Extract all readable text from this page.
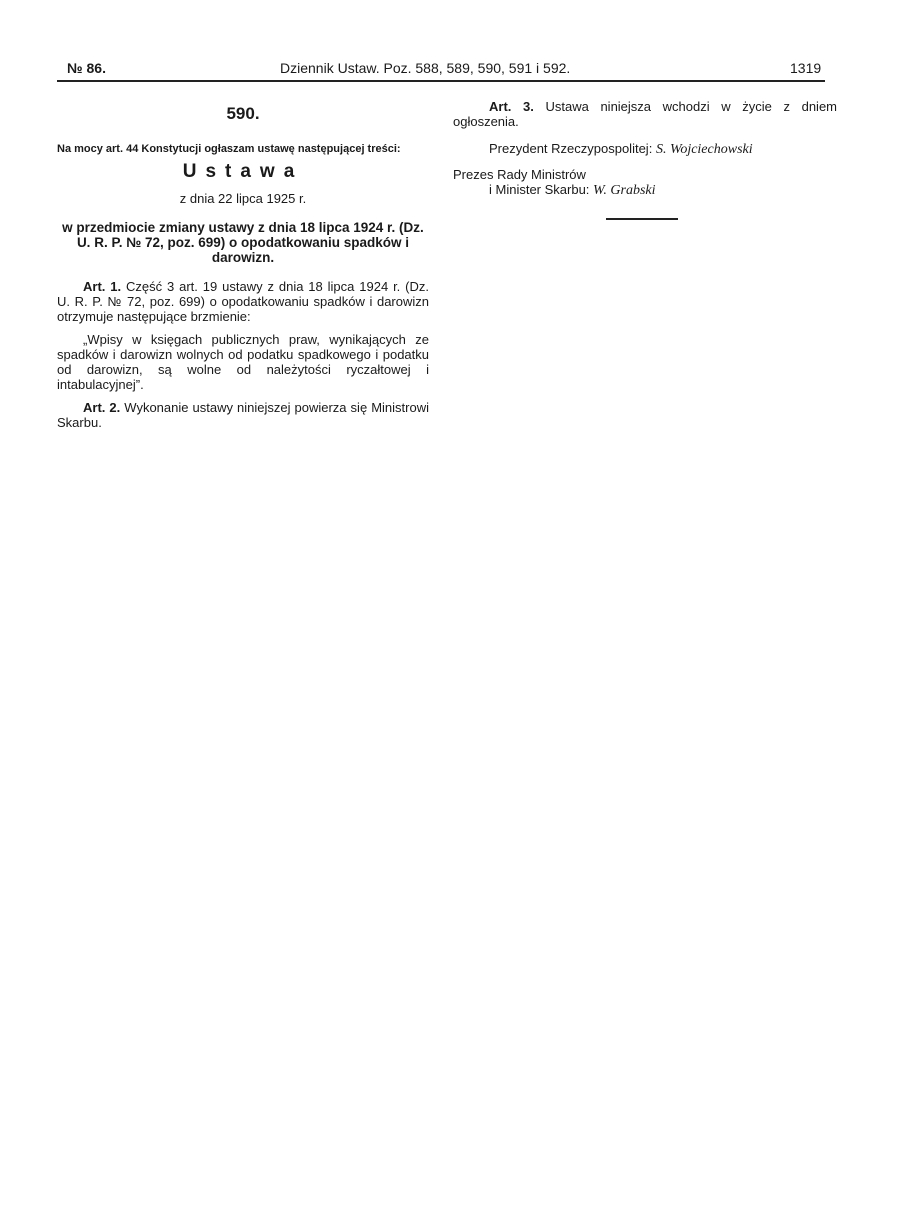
№ 86.	Dziennik Ustaw. Poz. 588, 589, 590, 591 i 592.	1319

590.

Na mocy art. 44 Konstytucji ogłaszam ustawę następującej treści:

Ustawa

z dnia 22 lipca 1925 r.

w przedmiocie zmiany ustawy z dnia 18 lipca 1924 r. (Dz. U. R. P. № 72, poz. 699) o opodatkowaniu spadków i darowizn.

Art. 1. Część 3 art. 19 ustawy z dnia 18 lipca 1924 r. (Dz. U. R. P. № 72, poz. 699) o opodatkowaniu spadków i darowizn otrzymuje następujące brzmienie:

„Wpisy w księgach publicznych praw, wynikających ze spadków i darowizn wolnych od podatku spadkowego i podatku od darowizn, są wolne od należytości ryczałtowej i intabulacyjnej”.

Art. 2. Wykonanie ustawy niniejszej powierza się Ministrowi Skarbu.

Art. 3. Ustawa niniejsza wchodzi w życie z dniem ogłoszenia.

Prezydent Rzeczypospolitej: S. Wojciechowski

Prezes Rady Ministrów
i Minister Skarbu: W. Grabski
